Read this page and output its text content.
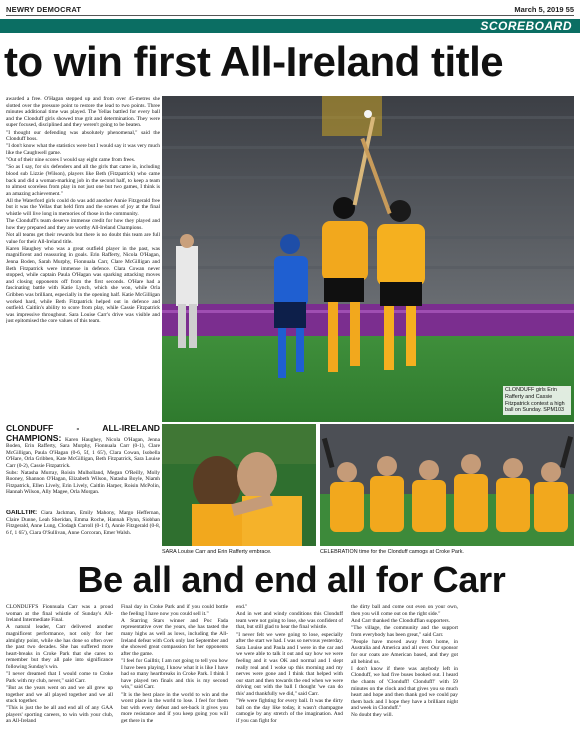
NEWRY DEMOCRAT	March 5, 2019 55
SCOREBOARD
to win first All-Ireland title

awarded a free. O'Hagan stepped up and from over 45-metres she slotted over the pressure point to restore the lead to two points. Three minutes additional time was played. The Yellas battled for every ball and the Clonduff girls showed true grit and determination. They were super focused, disciplined and they weren't going to be beaten.

"I thought our defending was absolutely phenomenal," said the Clonduff boss.

"I don't know what the statistics were but I would say it was very much like the Caughwell game.

"Out of their nine scores I would say eight came from frees.

"So as I say, for six defenders and all the girls that came in, including blood sub Lizzie (Wilson), players like Beth (Fitzpatrick) who came back and did a woman-marking job in the second half, to keep a team to almost scoreless from play in not just one but two games, I think is an amazing achievement."

All the Waterford girls could do was add another Annie Fitzgerald free but it was the Yellas that held firm and the scenes of joy at the final whistle will live long in memories of those in the community.

The Clonduff's team deserve immense credit for how they played and how they prepared and they are worthy All-Ireland Champions.

Not all teams get their rewards but there is no doubt this team are full value for their All-Ireland title.

Karen Haughey who was a great outfield player in the past, was magnificent and reassuring in goals. Erin Rafferty, Nicola O'Hagan, Jenna Boden, Sarah Murphy, Fionnuala Carr, Clare McGilligan and Beth Fitzpatrick were immense in defence. Clara Cowan never stopped, while captain Paula O'Hagan was sparking attacking moves and closing opponents off from the first seconds. O'Hare had a fascinating battle with Katie Lynch, which she won, while Orla Gribben was brilliant, especially in the opening half. Katie McGilligan worked hard, while Beth Fitzpatrick helped out in defence and outfield. Caitlin's ability to score from play, while Cassie Fitzpatrick was impressive throughout. Sara Louise Carr's drive was visible and just epitomised the core values of this team.

CLONDUFF - ALL-IRELAND CHAMPIONS: Karen Haughey, Nicola O'Hagan, Jenna Boden, Erin Rafferty, Sara Murphy, Fionnuala Carr (0-1), Clare McGilligan, Paula O'Hagan (0-6, 5f, 1 65'), Clara Cowan, Isobella O'Hare, Orla Gribben, Kate McGilligan, Beth Fitzpatrick, Sara Louise Carr (0-2), Cassie Fitzpatrick.

Subs: Natasha Murray, Roisin Mulholland, Megan O'Reilly, Molly Rooney, Shannon O'Hagan, Elizabeth Wilson, Natasha Boyle, Niamh Fitzpatrick, Ellen Lively, Erin Lively, Caitlin Harper, Roisin McPolin, Hannah Wilson, Ally Magee, Orla Morgan.

GAILLTIR: Ciara Jackman, Emily Mahony, Margo Heffernan, Claire Dunne, Leah Sheridan, Emma Roche, Hannah Flynn, Siobhan Fitzgerald, Anne Lung, Clodagh Carroll (0-1 f), Annie Fitzgerald (0-8, 6 f, 1 65'), Ciara O'Sullivan, Anne Corcoran, Emer Walsh.

CLONDUFF girls Erin Rafferty and Cassie Fitzpatrick contest a high ball on Sunday. SPM103
SARA Louise Carr and Erin Rafferty embrace.	CELEBRATION time for the Clonduff camogs at Croke Park.
Be all and end all for Carr

CLONDUFF'S Fionnuala Carr was a proud woman at the final whistle of Sunday's All-Ireland Intermediate Final.

A natural leader, Carr delivered another magnificent performance, not only for her almighty point, while she has done so often over the past two decades. She has suffered more heart-breaks in Croke Park that she cares to remember but they all pale into significance following Sunday's win.

"I never dreamed that I would come to Croke Park with my club, never," said Carr.

"But as the years went on and we all grew up together and we all played together and we all stuck together.

"This is just the be all and end all of any GAA players' sporting careers, to win with your club, an All-Ireland

Final day in Croke Park and if you could bottle the feeling I have now you could sell it."

A Starring Stars winner and Poc Fada representative over the years, she has tasted the many highs as well as lows, including the All-Ireland defeat with Cork only last September and she showed great compassion for her opponents after the game.

"I feel for Gailltir, I am not going to tell you how I have been playing, I know what it is like I have had so many heartbreaks in Croke Park. I think I have played ten finals and this is my second win," said Carr.

"It is the best place in the world to win and the worst place in the world to lose. I feel for them but with every defeat and set-back it gives you more resistance and if you keep going you will get there in the

end."

And in wet and windy conditions this Clonduff team were not going to lose, she was confident of that, but still glad to hear the final whistle.

"I never felt we were going to lose, especially after the start we had. I was so nervous yesterday. Sara Louise and Paula and I were in the car and we were able to talk it out and say how we were feeling and it was OK and normal and I slept really real and I woke up this morning and my nerves were gone and I think that helped with our start and then towards the end when we were driving out with the ball I thought 'we can do this' and thankfully we did," said Carr.

"We were fighting for every ball. It was the dirty ball on the day like today, it wasn't champagne camogie by any stretch of the imagination. And if you can fight for

the dirty ball and come out even on your own, then you will come out on the right side."

And Carr thanked the Clonduffian supporters.

"The village, the community and the support from everybody has been great," said Carr.

"People have moved away from home, in Australia and America and all over. Our sponsor for our coats are American based, and they got all behind us.

I don't know if there was anybody left in Clonduff, we had five buses booked out. I heard the chants of 'Clonduff! Clonduff!' with 59 minutes on the clock and that gives you so much heart and hope and then thank god we could pay them back and I hope they have a brilliant night and week in Clonduff."

No doubt they will.
